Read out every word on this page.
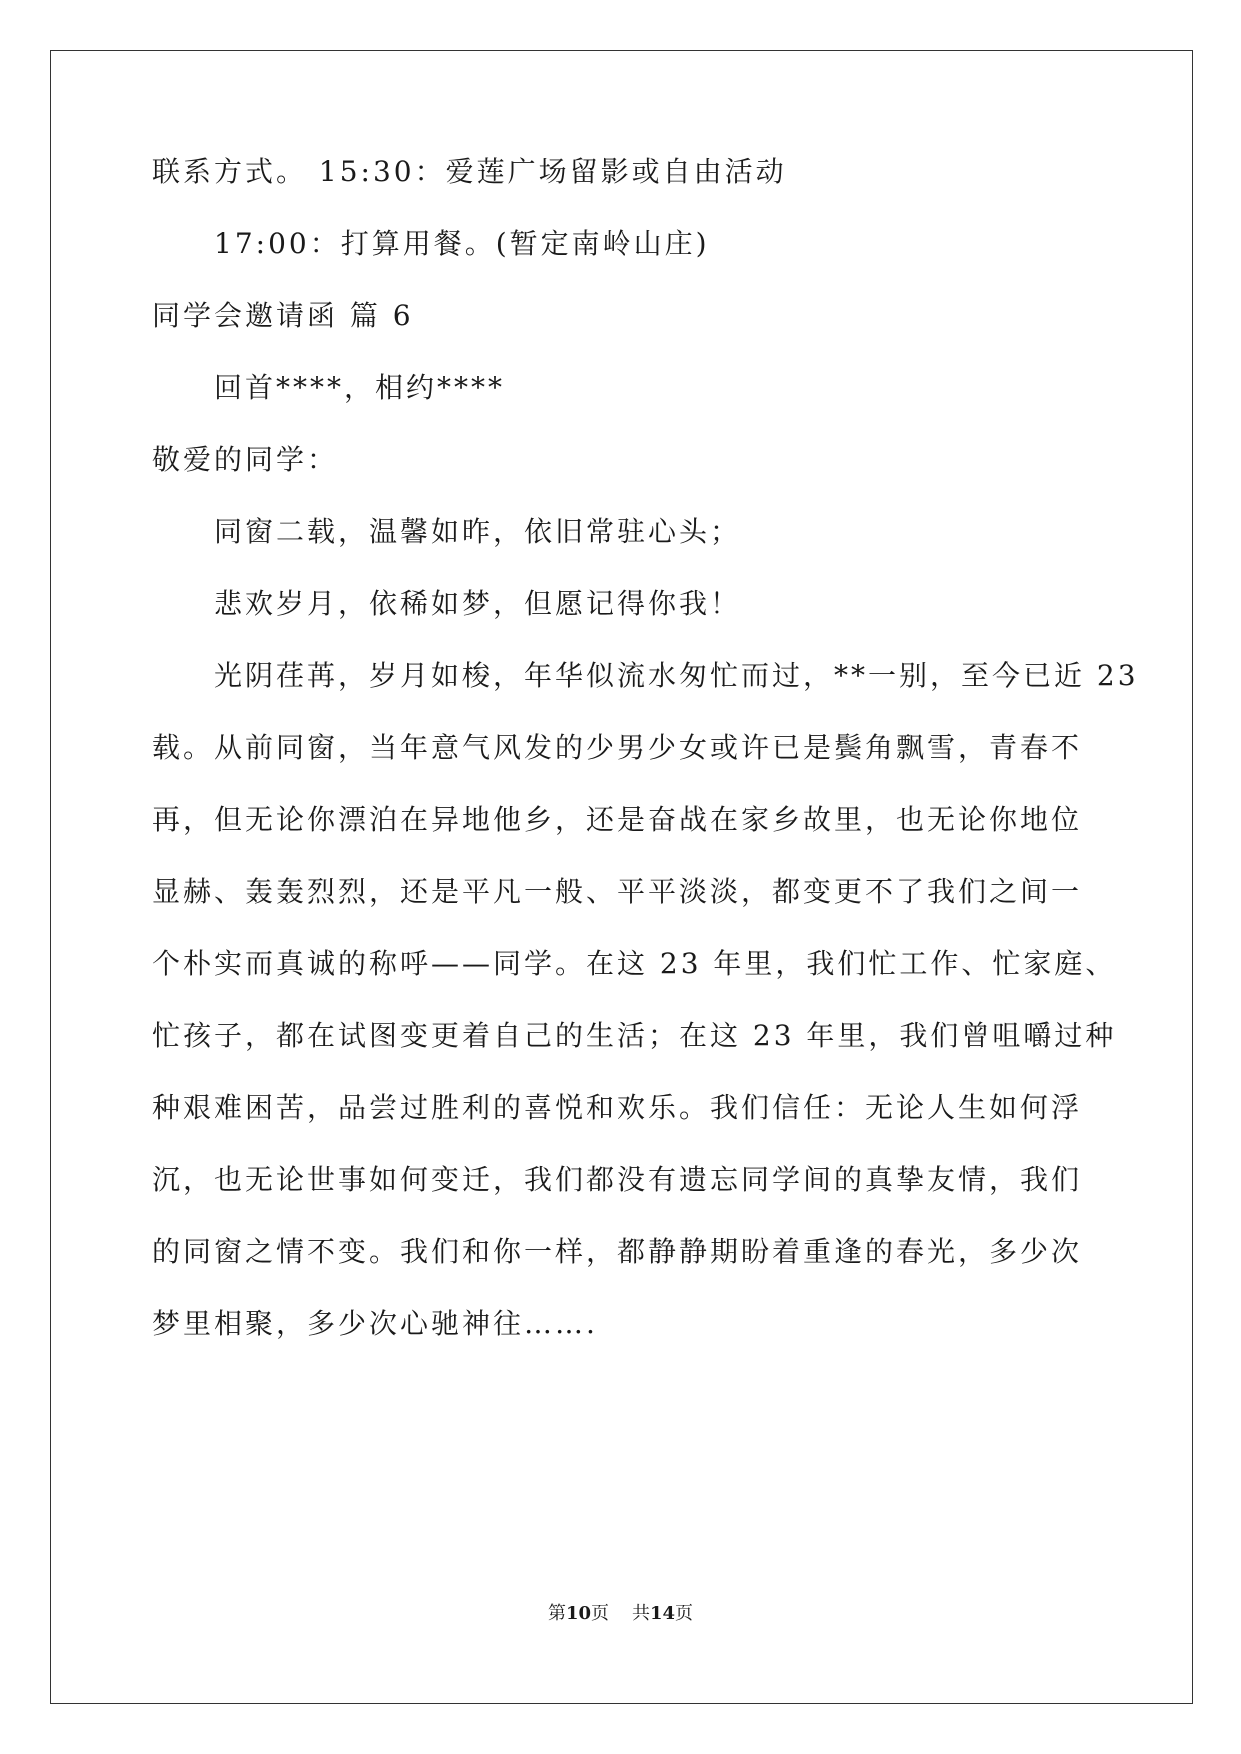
联系方式。 15:30：爱莲广场留影或自由活动
17:00：打算用餐。(暂定南岭山庄)
同学会邀请函 篇 6
回首****，相约****
敬爱的同学：
同窗二载，温馨如昨，依旧常驻心头；
悲欢岁月，依稀如梦，但愿记得你我！
光阴荏苒，岁月如梭，年华似流水匆忙而过，**一别，至今已近 23
载。从前同窗，当年意气风发的少男少女或许已是鬓角飘雪，青春不
再，但无论你漂泊在异地他乡，还是奋战在家乡故里，也无论你地位
显赫、轰轰烈烈，还是平凡一般、平平淡淡，都变更不了我们之间一
个朴实而真诚的称呼——同学。在这 23 年里，我们忙工作、忙家庭、
忙孩子，都在试图变更着自己的生活；在这 23 年里，我们曾咀嚼过种
种艰难困苦，品尝过胜利的喜悦和欢乐。我们信任：无论人生如何浮
沉，也无论世事如何变迁，我们都没有遗忘同学间的真挚友情，我们
的同窗之情不变。我们和你一样，都静静期盼着重逢的春光，多少次
梦里相聚，多少次心驰神往…….
第10页 共14页
